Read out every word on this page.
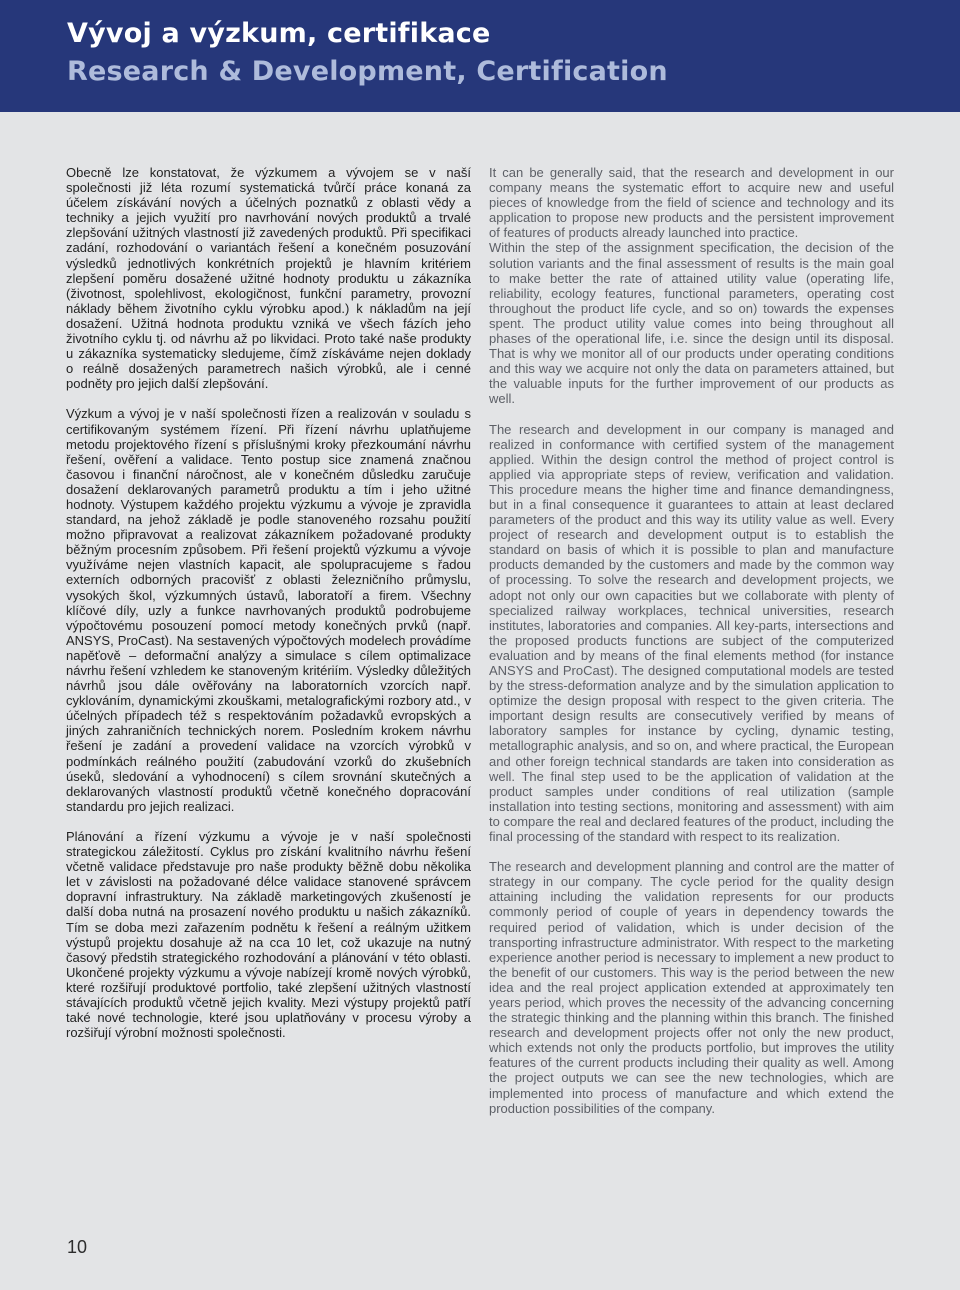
Vývoj a výzkum, certifikace
Research & Development, Certification

Obecně lze konstatovat, že výzkumem a vývojem se v naší společnosti již léta rozumí systematická tvůrčí práce konaná za účelem získávání nových a účelných poznatků z oblasti vědy a techniky a jejich využití pro navrhování nových produktů a trvalé zlepšování užitných vlastností již zavedených produktů. Při specifikaci zadání, rozhodování o variantách řešení a konečném posuzování výsledků jednotlivých konkrétních projektů je hlavním kritériem zlepšení poměru dosažené užitné hodnoty produktu u zákazníka (životnost, spolehlivost, ekologičnost, funkční parametry, provozní náklady během životního cyklu výrobku apod.) k nákladům na její dosažení. Užitná hodnota produktu vzniká ve všech fázích jeho životního cyklu tj. od návrhu až po likvidaci. Proto také naše produkty u zákazníka systematicky sledujeme, čímž získáváme nejen doklady o reálně dosažených parametrech našich výrobků, ale i cenné podněty pro jejich další zlepšování.

Výzkum a vývoj je v naší společnosti řízen a realizován v souladu s certifikovaným systémem řízení. Při řízení návrhu uplatňujeme metodu projektového řízení s příslušnými kroky přezkoumání návrhu řešení, ověření a validace. Tento postup sice znamená značnou časovou i finanční náročnost, ale v konečném důsledku zaručuje dosažení deklarovaných parametrů produktu a tím i jeho užitné hodnoty. Výstupem každého projektu výzkumu a vývoje je zpravidla standard, na jehož základě je podle stanoveného rozsahu použití možno připravovat a realizovat zákazníkem požadované produkty běžným procesním způsobem. Při řešení projektů výzkumu a vývoje využíváme nejen vlastních kapacit, ale spolupracujeme s řadou externích odborných pracovišť z oblasti železničního průmyslu, vysokých škol, výzkumných ústavů, laboratoří a firem. Všechny klíčové díly, uzly a funkce navrhovaných produktů podrobujeme výpočtovému posouzení pomocí metody konečných prvků (např. ANSYS, ProCast). Na sestavených výpočtových modelech provádíme napěťově – deformační analýzy a simulace s cílem optimalizace návrhu řešení vzhledem ke stanoveným kritériím. Výsledky důležitých návrhů jsou dále ověřovány na laboratorních vzorcích např. cyklováním, dynamickými zkouškami, metalografickými rozbory atd., v účelných případech též s respektováním požadavků evropských a jiných zahraničních technických norem. Posledním krokem návrhu řešení je zadání a provedení validace na vzorcích výrobků v podmínkách reálného použití (zabudování vzorků do zkušebních úseků, sledování a vyhodnocení) s cílem srovnání skutečných a deklarovaných vlastností produktů včetně konečného dopracování standardu pro jejich realizaci.

Plánování a řízení výzkumu a vývoje je v naší společnosti strategickou záležitostí. Cyklus pro získání kvalitního návrhu řešení včetně validace představuje pro naše produkty běžně dobu několika let v závislosti na požadované délce validace stanovené správcem dopravní infrastruktury. Na základě marketingových zkušeností je další doba nutná na prosazení nového produktu u našich zákazníků. Tím se doba mezi zařazením podnětu k řešení a reálným užitkem výstupů projektu dosahuje až na cca 10 let, což ukazuje na nutný časový předstih strategického rozhodování a plánování v této oblasti. Ukončené projekty výzkumu a vývoje nabízejí kromě nových výrobků, které rozšiřují produktové portfolio, také zlepšení užitných vlastností stávajících produktů včetně jejich kvality. Mezi výstupy projektů patří také nové technologie, které jsou uplatňovány v procesu výroby a rozšiřují výrobní možnosti společnosti.

It can be generally said, that the research and development in our company means the systematic effort to acquire new and useful pieces of knowledge from the field of science and technology and its application to propose new products and the persistent improvement of features of products already launched into practice.

Within the step of the assignment specification, the decision of the solution variants and the final assessment of results is the main goal to make better the rate of attained utility value (operating life, reliability, ecology features, functional parameters, operating cost throughout the product life cycle, and so on) towards the expenses spent. The product utility value comes into being throughout all phases of the operational life, i.e. since the design until its disposal. That is why we monitor all of our products under operating conditions and this way we acquire not only the data on parameters attained, but the valuable inputs for the further improvement of our products as well.

The research and development in our company is managed and realized in conformance with certified system of the management applied. Within the design control the method of project control is applied via appropriate steps of review, verification and validation. This procedure means the higher time and finance demandingness, but in a final consequence it guarantees to attain at least declared parameters of the product and this way its utility value as well. Every project of research and development output is to establish the standard on basis of which it is possible to plan and manufacture products demanded by the customers and made by the common way of processing. To solve the research and development projects, we adopt not only our own capacities but we collaborate with plenty of specialized railway workplaces, technical universities, research institutes, laboratories and companies. All key-parts, intersections and the proposed products functions are subject of the computerized evaluation and by means of the final elements method (for instance ANSYS and ProCast). The designed computational models are tested by the stress-deformation analyze and by the simulation application to optimize the design proposal with respect to the given criteria. The important design results are consecutively verified by means of laboratory samples for instance by cycling, dynamic testing, metallographic analysis, and so on, and where practical, the European and other foreign technical standards are taken into consideration as well. The final step used to be the application of validation at the product samples under conditions of real utilization (sample installation into testing sections, monitoring and assessment) with aim to compare the real and declared features of the product, including the final processing of the standard with respect to its realization.

The research and development planning and control are the matter of strategy in our company. The cycle period for the quality design attaining including the validation represents for our products commonly period of couple of years in dependency towards the required period of validation, which is under decision of the transporting infrastructure administrator. With respect to the marketing experience another period is necessary to implement a new product to the benefit of our customers. This way is the period between the new idea and the real project application extended at approximately ten years period, which proves the necessity of the advancing concerning the strategic thinking and the planning within this branch. The finished research and development projects offer not only the new product, which extends not only the products portfolio, but improves the utility features of the current products including their quality as well. Among the project outputs we can see the new technologies, which are implemented into process of manufacture and which extend the production possibilities of the company.

10
